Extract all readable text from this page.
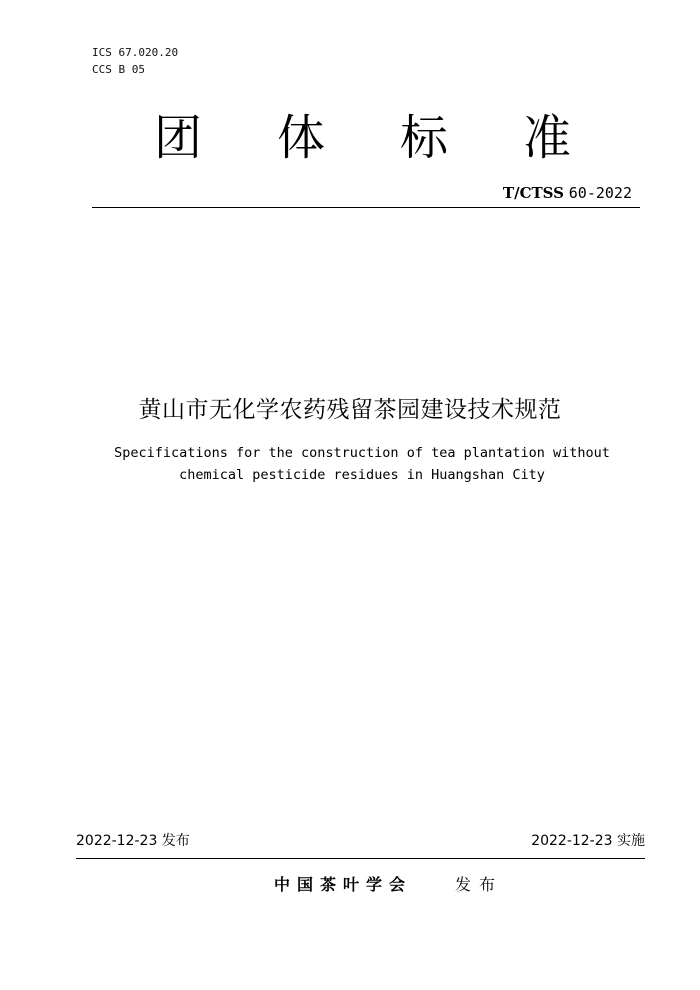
ICS 67.020.20
CCS B 05
团 体 标 准
T/CTSS 60-2022
黄山市无化学农药残留茶园建设技术规范
Specifications for the construction of tea plantation without
chemical pesticide residues in Huangshan City
2022-12-23 发布	2022-12-23 实施
中国茶叶学会	发布
